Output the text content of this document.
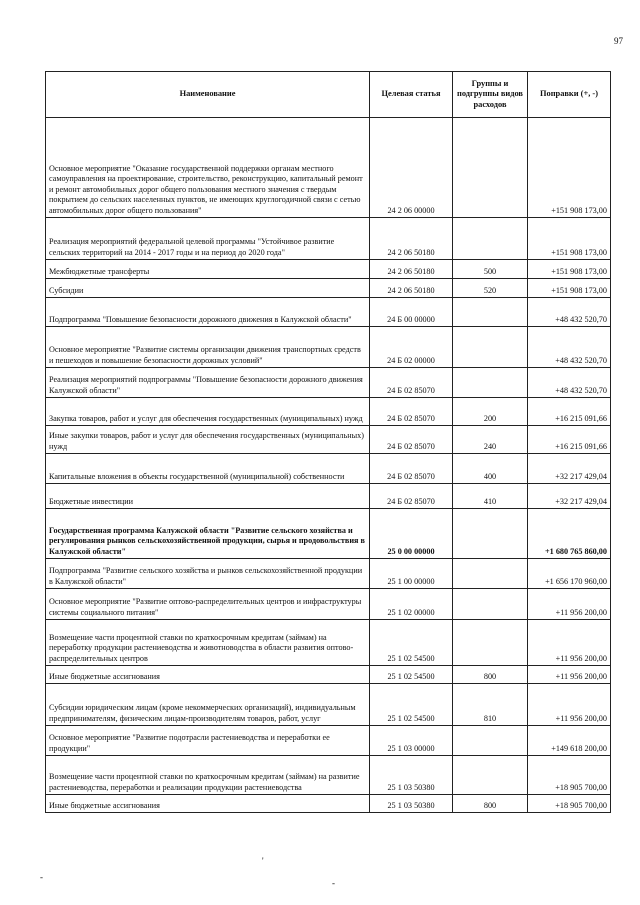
97
Наименование	Целевая статья	Группы и подгруппы видов расходов	Поправки (+, -)
Основное мероприятие "Оказание государственной поддержки органам местного самоуправления на проектирование, строительство, реконструкцию, капитальный ремонт и ремонт автомобильных дорог общего пользования местного значения с твердым покрытием до сельских населенных пунктов, не имеющих круглогодичной связи с сетью автомобильных дорог общего пользования"	24 2 06 00000		+151 908 173,00
Реализация мероприятий федеральной целевой программы "Устойчивое развитие сельских территорий на 2014 - 2017 годы и на период до 2020 года"	24 2 06 50180		+151 908 173,00
Межбюджетные трансферты	24 2 06 50180	500	+151 908 173,00
Субсидии	24 2 06 50180	520	+151 908 173,00
Подпрограмма "Повышение безопасности дорожного движения в Калужской области"	24 Б 00 00000		+48 432 520,70
Основное мероприятие "Развитие системы организации движения транспортных средств и пешеходов и повышение безопасности дорожных условий"	24 Б 02 00000		+48 432 520,70
Реализация мероприятий подпрограммы "Повышение безопасности дорожного движения Калужской области"	24 Б 02 85070		+48 432 520,70
Закупка товаров, работ и услуг для обеспечения государственных (муниципальных) нужд	24 Б 02 85070	200	+16 215 091,66
Иные закупки товаров, работ и услуг для обеспечения государственных (муниципальных) нужд	24 Б 02 85070	240	+16 215 091,66
Капитальные вложения в объекты государственной (муниципальной) собственности	24 Б 02 85070	400	+32 217 429,04
Бюджетные инвестиции	24 Б 02 85070	410	+32 217 429,04
Государственная программа Калужской области "Развитие сельского хозяйства и регулирования рынков сельскохозяйственной продукции, сырья и продовольствия в Калужской области"	25 0 00 00000		+1 680 765 860,00
Подпрограмма "Развитие сельского хозяйства и рынков сельскохозяйственной продукции в Калужской области"	25 1 00 00000		+1 656 170 960,00
Основное мероприятие "Развитие оптово-распределительных центров и инфраструктуры системы социального питания"	25 1 02 00000		+11 956 200,00
Возмещение части процентной ставки по краткосрочным кредитам (займам) на переработку продукции растениеводства и животноводства в области развития оптово-распределительных центров	25 1 02 54500		+11 956 200,00
Иные бюджетные ассигнования	25 1 02 54500	800	+11 956 200,00
Субсидии юридическим лицам (кроме некоммерческих организаций), индивидуальным предпринимателям, физическим лицам-производителям товаров, работ, услуг	25 1 02 54500	810	+11 956 200,00
Основное мероприятие "Развитие подотрасли растениеводства и переработки ее продукции"	25 1 03 00000		+149 618 200,00
Возмещение части процентной ставки по краткосрочным кредитам (займам) на развитие растениеводства, переработки и реализации продукции растениеводства	25 1 03 50380		+18 905 700,00
Иные бюджетные ассигнования	25 1 03 50380	800	+18 905 700,00
'
-
-
